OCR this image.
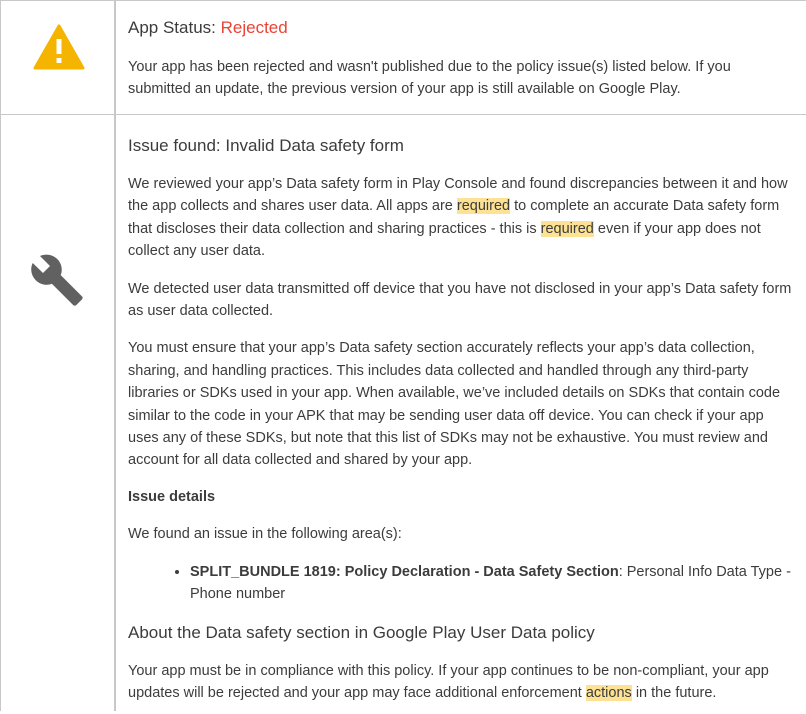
App Status: Rejected

Your app has been rejected and wasn't published due to the policy issue(s) listed below. If you submitted an update, the previous version of your app is still available on Google Play.

Issue found: Invalid Data safety form

We reviewed your app’s Data safety form in Play Console and found discrepancies between it and how the app collects and shares user data. All apps are required to complete an accurate Data safety form that discloses their data collection and sharing practices - this is required even if your app does not collect any user data.

We detected user data transmitted off device that you have not disclosed in your app’s Data safety form as user data collected.

You must ensure that your app’s Data safety section accurately reflects your app’s data collection, sharing, and handling practices. This includes data collected and handled through any third-party libraries or SDKs used in your app. When available, we’ve included details on SDKs that contain code similar to the code in your APK that may be sending user data off device. You can check if your app uses any of these SDKs, but note that this list of SDKs may not be exhaustive. You must review and account for all data collected and shared by your app.

Issue details

We found an issue in the following area(s):

• SPLIT_BUNDLE 1819: Policy Declaration - Data Safety Section: Personal Info Data Type - Phone number
About the Data safety section in Google Play User Data policy

Your app must be in compliance with this policy. If your app continues to be non-compliant, your app updates will be rejected and your app may face additional enforcement actions in the future.
